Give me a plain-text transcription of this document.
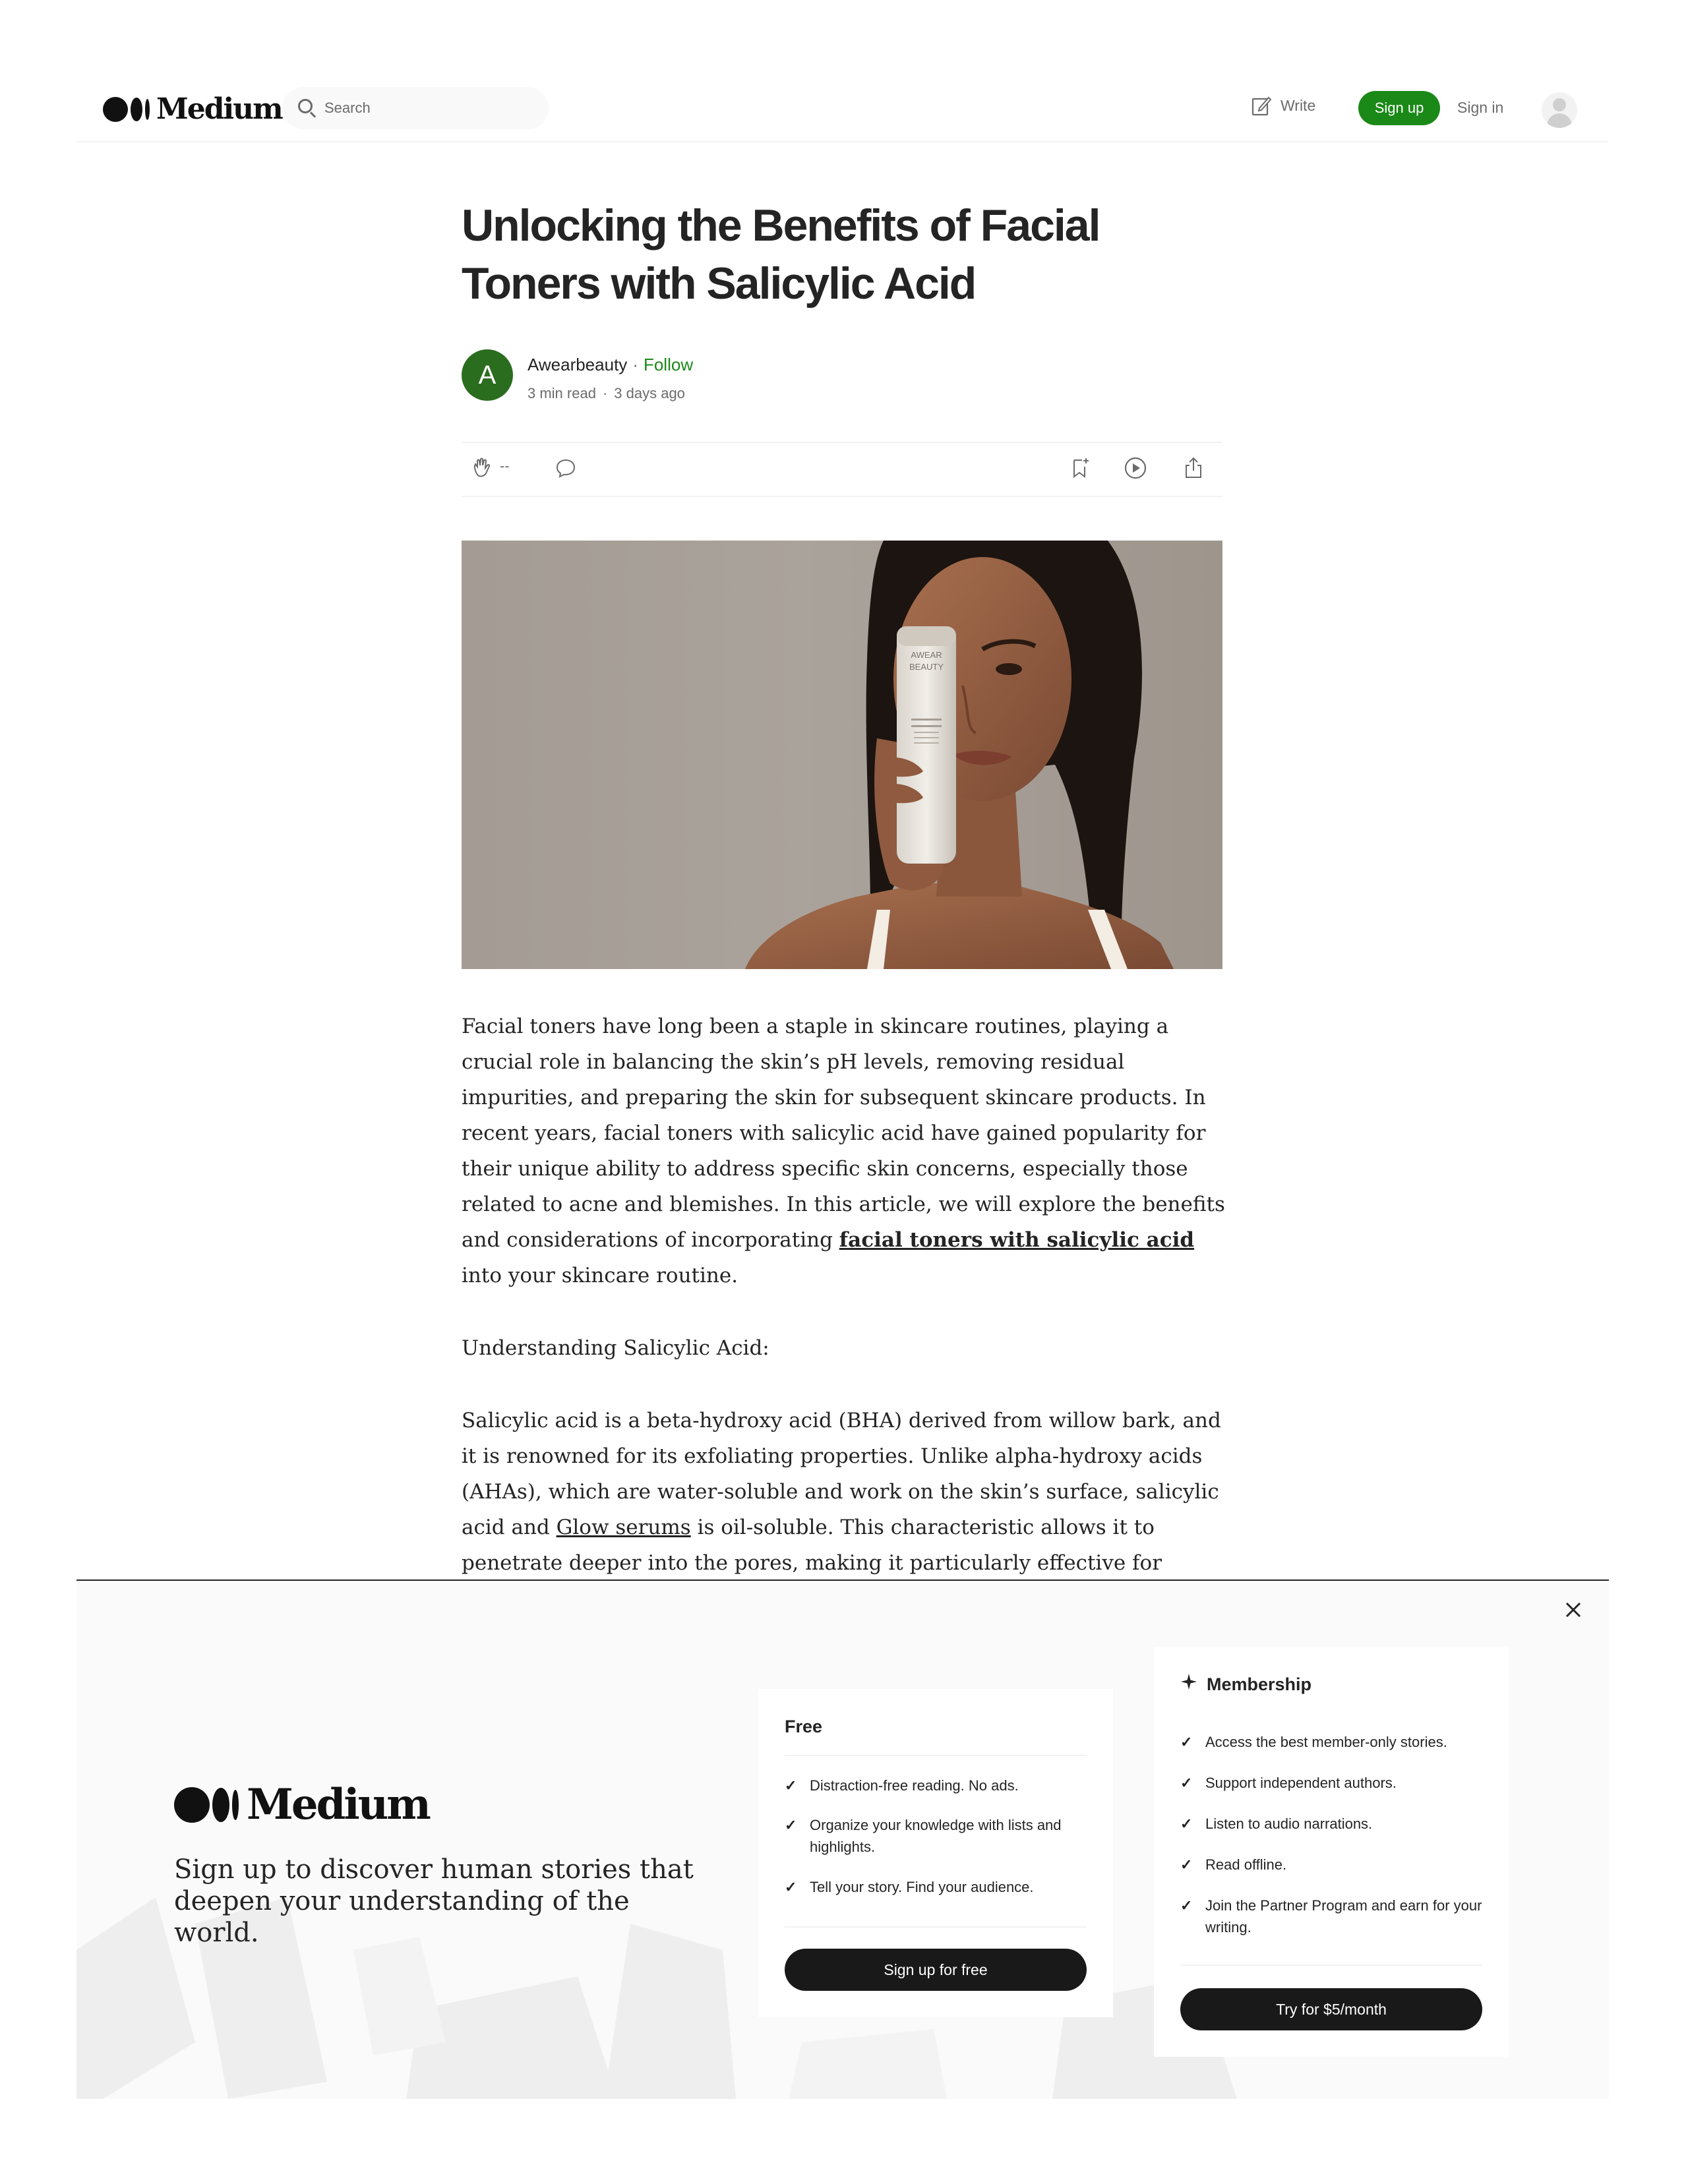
Medium
Search	Write	Sign up	Sign in
Unlocking the Benefits of Facial Toners with Salicylic Acid
A	Awearbeauty · Follow
3 min read · 3 days ago
--
AWEAR
BEAUTY

Facial toners have long been a staple in skincare routines, playing a crucial role in balancing the skin’s pH levels, removing residual impurities, and preparing the skin for subsequent skincare products. In recent years, facial toners with salicylic acid have gained popularity for their unique ability to address specific skin concerns, especially those related to acne and blemishes. In this article, we will explore the benefits and considerations of incorporating facial toners with salicylic acid into your skincare routine.

Understanding Salicylic Acid:

Salicylic acid is a beta-hydroxy acid (BHA) derived from willow bark, and it is renowned for its exfoliating properties. Unlike alpha-hydroxy acids (AHAs), which are water-soluble and work on the skin’s surface, salicylic acid and Glow serums is oil-soluble. This characteristic allows it to penetrate deeper into the pores, making it particularly effective for

Medium

Sign up to discover human stories that deepen your understanding of the world.

Free
✓ Distraction-free reading. No ads.
✓ Organize your knowledge with lists and highlights.
✓ Tell your story. Find your audience.
Sign up for free
Membership
✓ Access the best member-only stories.
✓ Support independent authors.
✓ Listen to audio narrations.
✓ Read offline.
✓ Join the Partner Program and earn for your writing.
Try for $5/month
